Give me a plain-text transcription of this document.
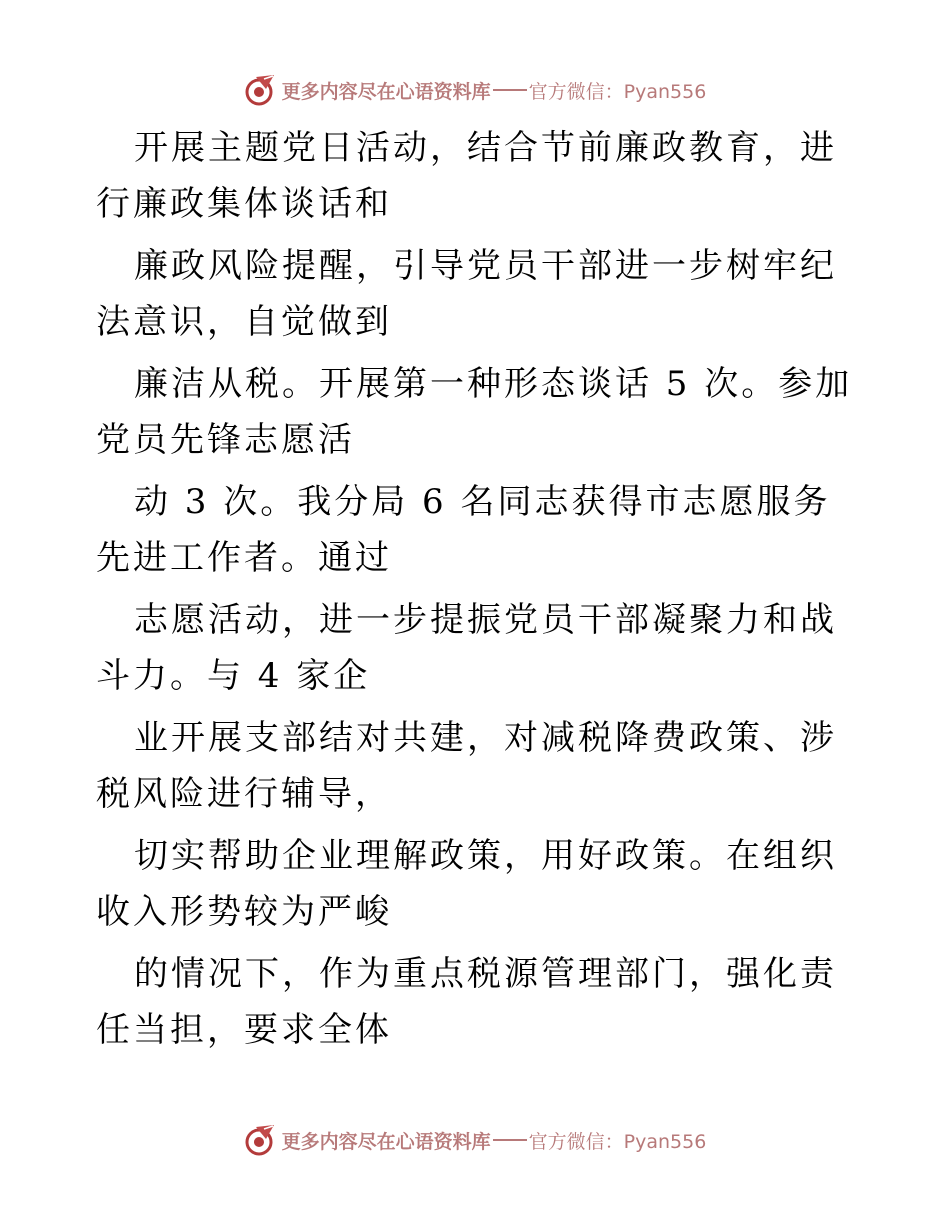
更多内容尽在心语资料库 官方微信：Pyan556

开展主题党日活动，结合节前廉政教育，进行廉政集体谈话和

廉政风险提醒，引导党员干部进一步树牢纪法意识，自觉做到

廉洁从税。开展第一种形态谈话 5 次。参加党员先锋志愿活

动 3 次。我分局 6 名同志获得市志愿服务先进工作者。通过

志愿活动，进一步提振党员干部凝聚力和战斗力。与 4 家企

业开展支部结对共建，对减税降费政策、涉税风险进行辅导，

切实帮助企业理解政策，用好政策。在组织收入形势较为严峻

的情况下，作为重点税源管理部门，强化责任当担，要求全体

更多内容尽在心语资料库 官方微信：Pyan556
